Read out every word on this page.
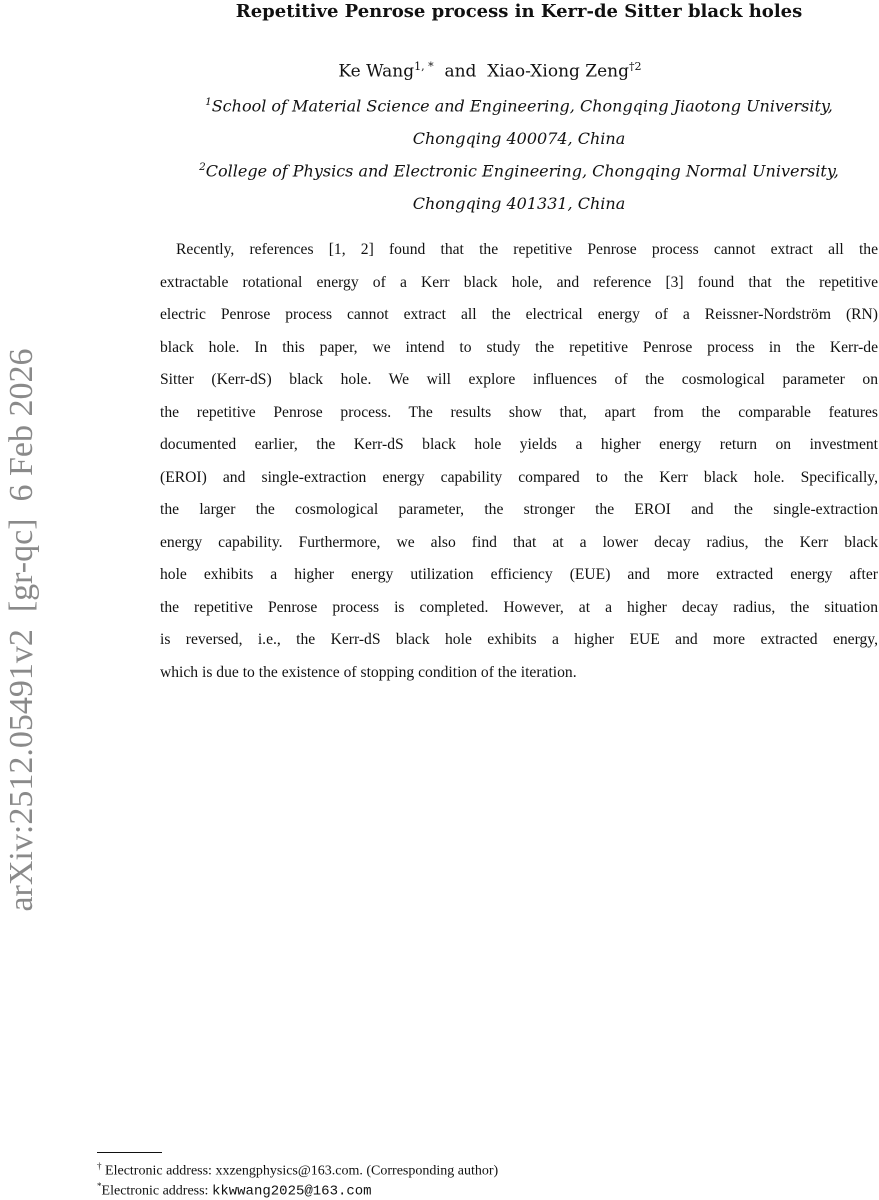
arXiv:2512.05491v2  [gr-qc]  6 Feb 2026
Repetitive Penrose process in Kerr-de Sitter black holes
Ke Wang$^{1, *}$ and Xiao-Xiong Zeng$^{\dagger 2}$
$^1$School of Material Science and Engineering, Chongqing Jiaotong University,
Chongqing 400074, China
$^2$College of Physics and Electronic Engineering, Chongqing Normal University,
Chongqing 401331, China
Recently, references [1, 2] found that the repetitive Penrose process cannot extract all the
extractable rotational energy of a Kerr black hole, and reference [3] found that the repetitive
electric Penrose process cannot extract all the electrical energy of a Reissner-Nordström (RN)
black hole. In this paper, we intend to study the repetitive Penrose process in the Kerr-de
Sitter (Kerr-dS) black hole. We will explore influences of the cosmological parameter on
the repetitive Penrose process. The results show that, apart from the comparable features
documented earlier, the Kerr-dS black hole yields a higher energy return on investment
(EROI) and single-extraction energy capability compared to the Kerr black hole. Specifically,
the larger the cosmological parameter, the stronger the EROI and the single-extraction
energy capability. Furthermore, we also find that at a lower decay radius, the Kerr black
hole exhibits a higher energy utilization efficiency (EUE) and more extracted energy after
the repetitive Penrose process is completed. However, at a higher decay radius, the situation
is reversed, i.e., the Kerr-dS black hole exhibits a higher EUE and more extracted energy,
which is due to the existence of stopping condition of the iteration.
† Electronic address: xxzengphysics@163.com. (Corresponding author)
*Electronic address: kkwwang2025@163.com
